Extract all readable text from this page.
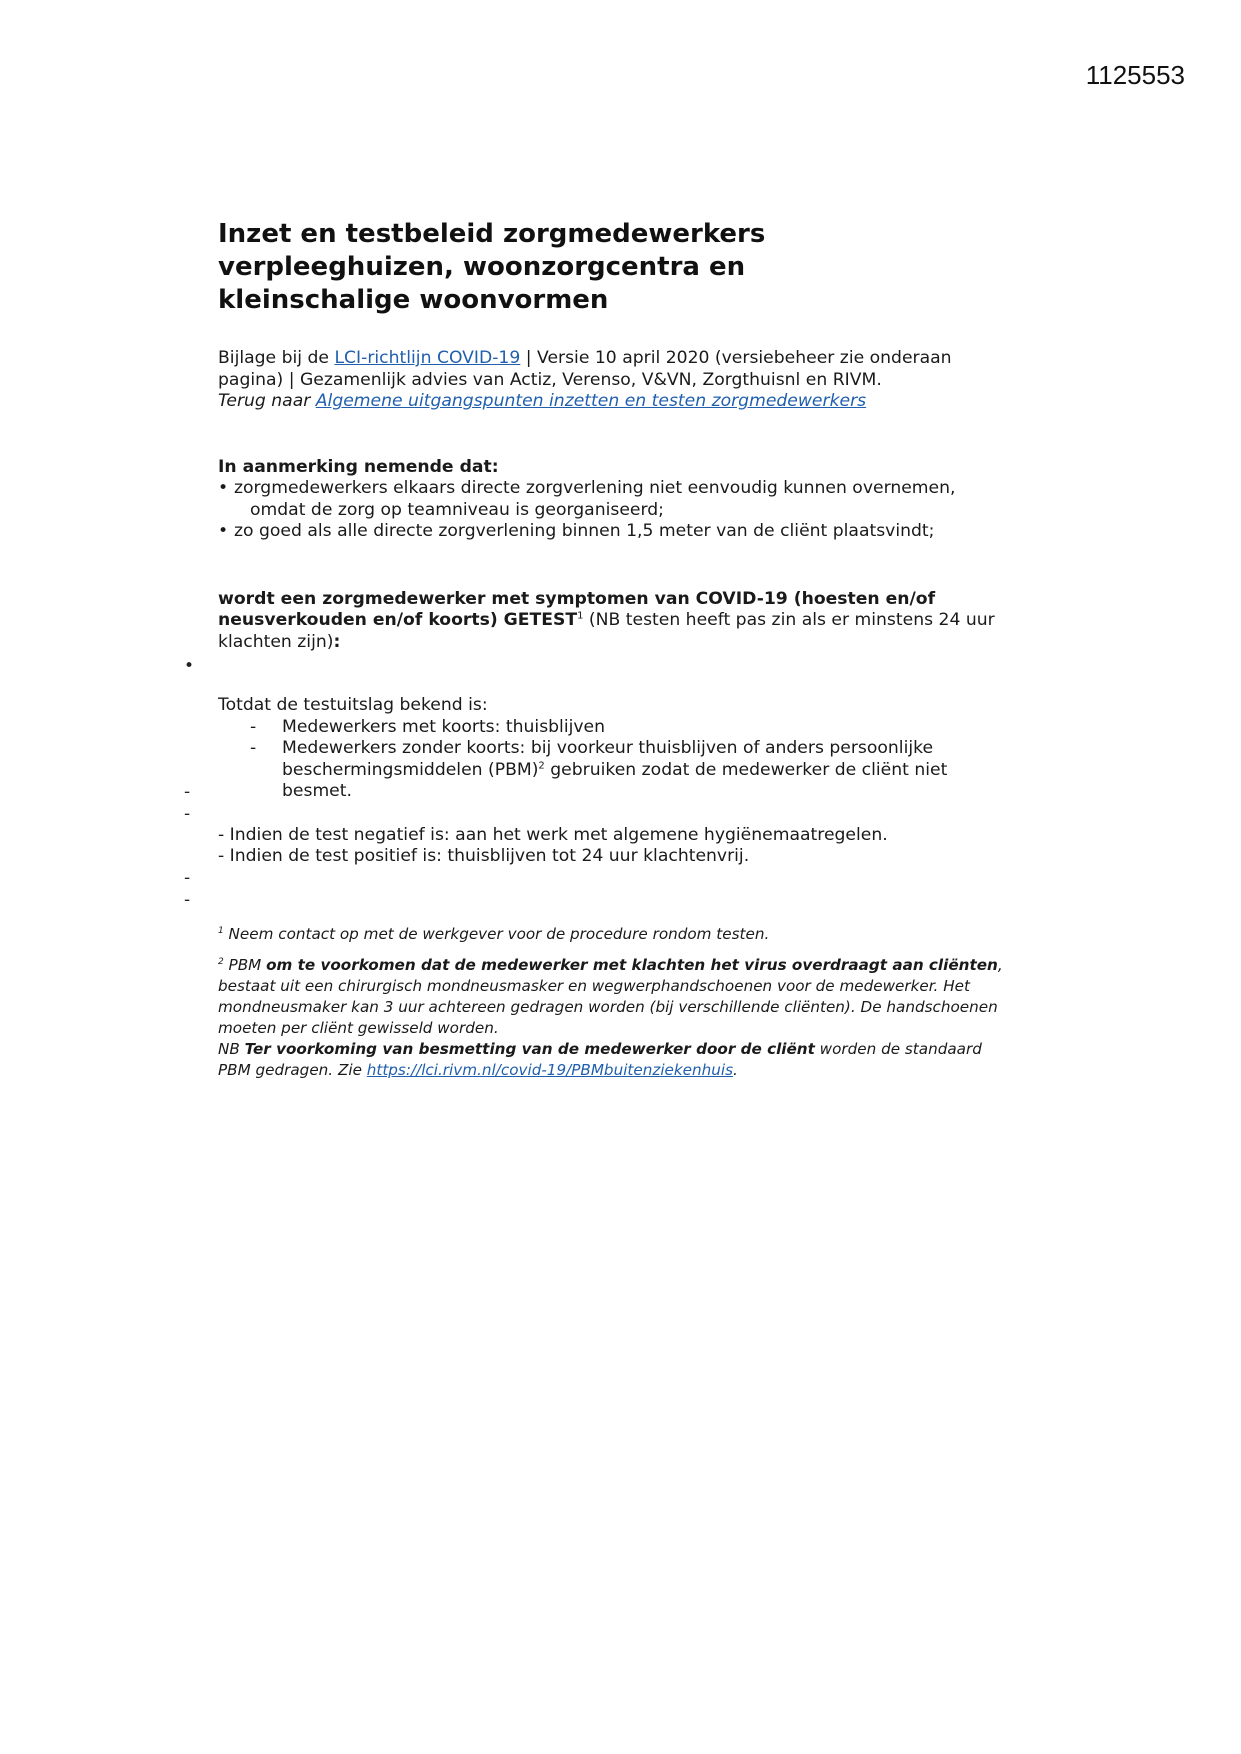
1125553
•
-
-
-
-
Inzet en testbeleid zorgmedewerkers
verpleeghuizen, woonzorgcentra en
kleinschalige woonvormen
Bijlage bij de LCI-richtlijn COVID-19 | Versie 10 april 2020 (versiebeheer zie onderaan pagina) | Gezamenlijk advies van Actiz, Verenso, V&VN, Zorgthuisnl en RIVM.
Terug naar Algemene uitgangspunten inzetten en testen zorgmedewerkers
In aanmerking nemende dat:
• zorgmedewerkers elkaars directe zorgverlening niet eenvoudig kunnen overnemen,
omdat de zorg op teamniveau is georganiseerd;
• zo goed als alle directe zorgverlening binnen 1,5 meter van de cliënt plaatsvindt;
wordt een zorgmedewerker met symptomen van COVID-19 (hoesten en/of neusverkouden en/of koorts) GETEST$^1$ (NB testen heeft pas zin als er minstens 24 uur klachten zijn):
Totdat de testuitslag bekend is:
- Medewerkers met koorts: thuisblijven
- Medewerkers zonder koorts: bij voorkeur thuisblijven of anders persoonlijke beschermingsmiddelen (PBM)$^2$ gebruiken zodat de medewerker de cliënt niet besmet.
- Indien de test negatief is: aan het werk met algemene hygiënemaatregelen.
- Indien de test positief is: thuisblijven tot 24 uur klachtenvrij.

$^1$ Neem contact op met de werkgever voor de procedure rondom testen.

$^2$ PBM om te voorkomen dat de medewerker met klachten het virus overdraagt aan cliënten, bestaat uit een chirurgisch mondneusmasker en wegwerphandschoenen voor de medewerker. Het mondneusmaker kan 3 uur achtereen gedragen worden (bij verschillende cliënten). De handschoenen moeten per cliënt gewisseld worden.
NB Ter voorkoming van besmetting van de medewerker door de cliënt worden de standaard PBM gedragen. Zie https://lci.rivm.nl/covid-19/PBMbuitenziekenhuis.
